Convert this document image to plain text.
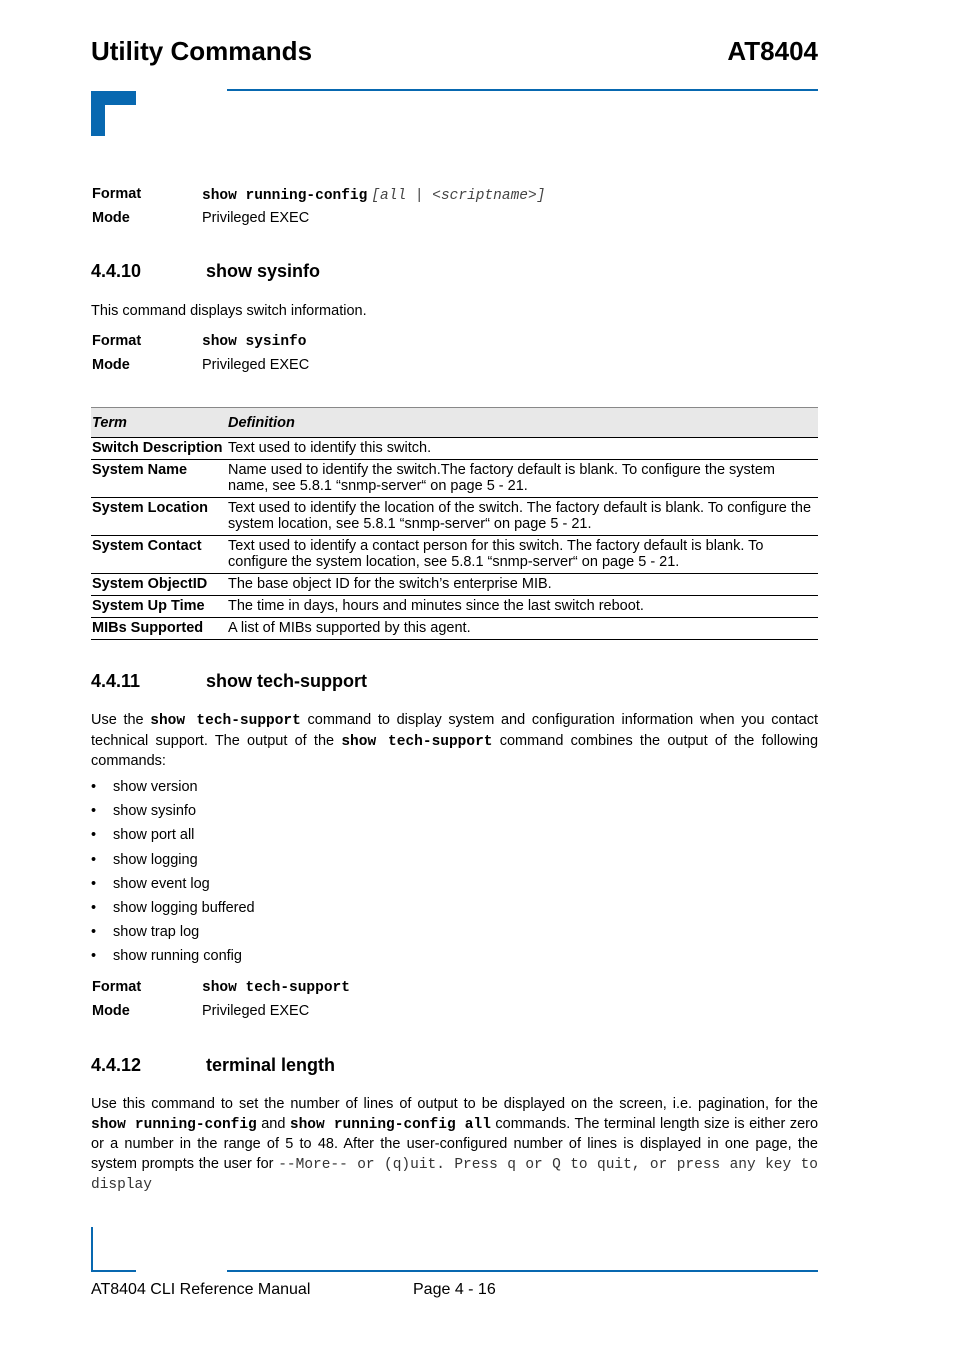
Utility Commands	AT8404
Format	show running-config [all | <scriptname>]
Mode	Privileged EXEC
4.4.10	show sysinfo
This command displays switch information.
Format	show sysinfo
Mode	Privileged EXEC
Term	Definition
Switch Description	Text used to identify this switch.
System Name	Name used to identify the switch.The factory default is blank. To configure the system name, see 5.8.1 “snmp-server“ on page 5 - 21.
System Location	Text used to identify the location of the switch. The factory default is blank. To configure the system location, see 5.8.1 “snmp-server“ on page 5 - 21.
System Contact	Text used to identify a contact person for this switch. The factory default is blank. To configure the system location, see 5.8.1 “snmp-server“ on page 5 - 21.
System ObjectID	The base object ID for the switch’s enterprise MIB.
System Up Time	The time in days, hours and minutes since the last switch reboot.
MIBs Supported	A list of MIBs supported by this agent.
4.4.11	show tech-support
Use the show tech-support command to display system and configuration information when you contact technical support. The output of the show tech-support command combines the output of the following commands:
• show version
• show sysinfo
• show port all
• show logging
• show event log
• show logging buffered
• show trap log
• show running config
Format	show tech-support
Mode	Privileged EXEC
4.4.12	terminal length
Use this command to set the number of lines of output to be displayed on the screen, i.e. pagination, for the show running-config and show running-config all commands. The terminal length size is either zero or a number in the range of 5 to 48. After the user-configured number of lines is displayed in one page, the system prompts the user for --More-- or (q)uit. Press q or Q to quit, or press any key to display
AT8404 CLI Reference Manual	Page 4 - 16
